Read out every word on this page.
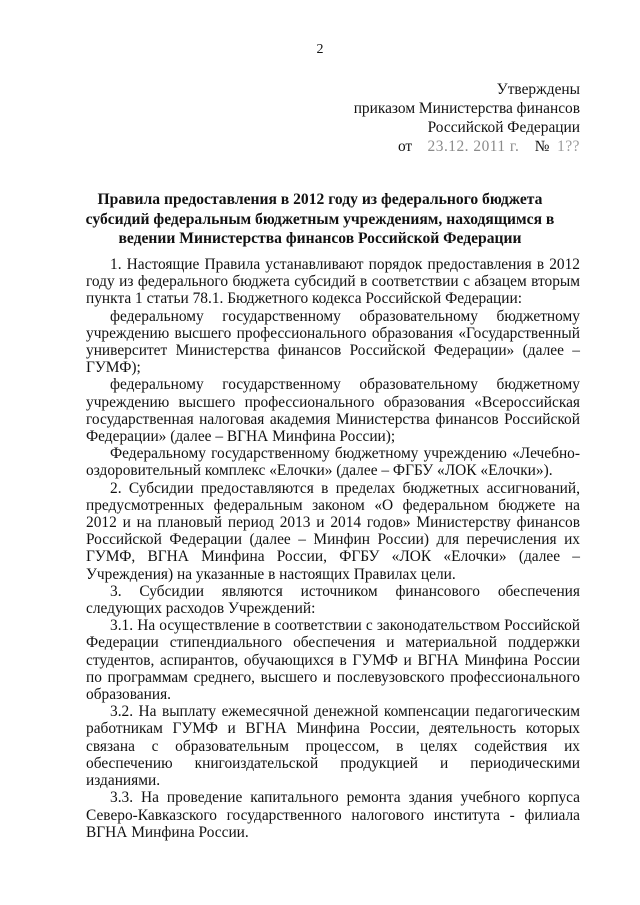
2
Утверждены
приказом Министерства финансов
Российской Федерации
от 23.12. 2011 г. № 1??
Правила предоставления в 2012 году из федерального бюджета субсидий федеральным бюджетным учреждениям, находящимся в ведении Министерства финансов Российской Федерации

1. Настоящие Правила устанавливают порядок предоставления в 2012 году из федерального бюджета субсидий в соответствии с абзацем вторым пункта 1 статьи 78.1. Бюджетного кодекса Российской Федерации:

федеральному государственному образовательному бюджетному учреждению высшего профессионального образования «Государственный университет Министерства финансов Российской Федерации» (далее – ГУМФ);

федеральному государственному образовательному бюджетному учреждению высшего профессионального образования «Всероссийская государственная налоговая академия Министерства финансов Российской Федерации» (далее – ВГНА Минфина России);

Федеральному государственному бюджетному учреждению «Лечебно-оздоровительный комплекс «Елочки» (далее – ФГБУ «ЛОК «Елочки»).

2. Субсидии предоставляются в пределах бюджетных ассигнований, предусмотренных федеральным законом «О федеральном бюджете на 2012 и на плановый период 2013 и 2014 годов» Министерству финансов Российской Федерации (далее – Минфин России) для перечисления их ГУМФ, ВГНА Минфина России, ФГБУ «ЛОК «Елочки» (далее – Учреждения) на указанные в настоящих Правилах цели.

3. Субсидии являются источником финансового обеспечения следующих расходов Учреждений:

3.1. На осуществление в соответствии с законодательством Российской Федерации стипендиального обеспечения и материальной поддержки студентов, аспирантов, обучающихся в ГУМФ и ВГНА Минфина России по программам среднего, высшего и послевузовского профессионального образования.

3.2. На выплату ежемесячной денежной компенсации педагогическим работникам ГУМФ и ВГНА Минфина России, деятельность которых связана с образовательным процессом, в целях содействия их обеспечению книгоиздательской продукцией и периодическими изданиями.

3.3. На проведение капитального ремонта здания учебного корпуса Северо-Кавказского государственного налогового института - филиала ВГНА Минфина России.
